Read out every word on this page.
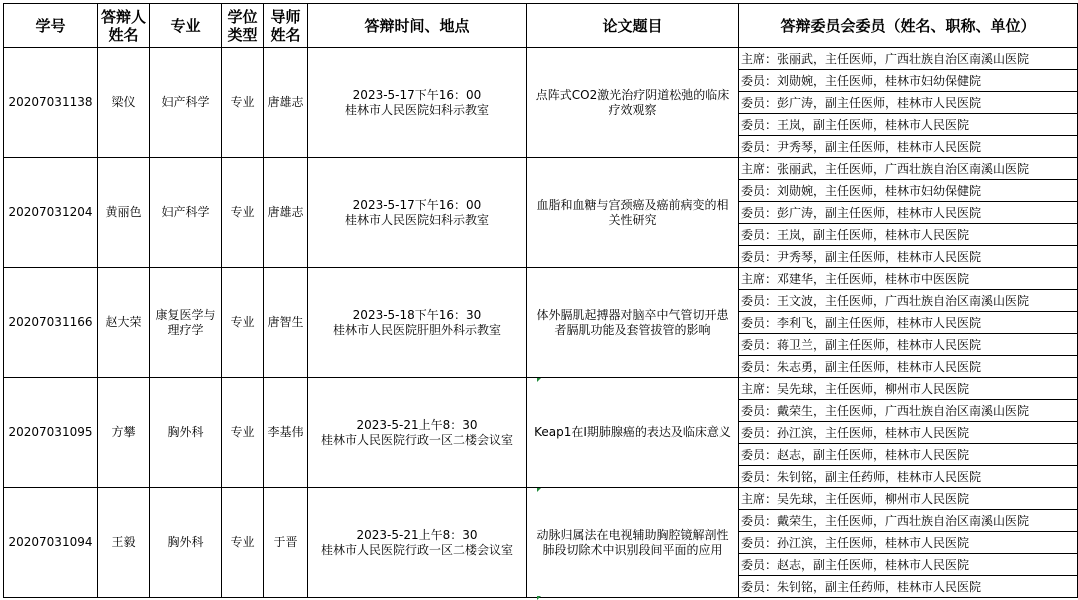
学号	答辩人姓名	专业	学位类型	导师姓名	答辩时间、地点	论文题目	答辩委员会委员（姓名、职称、单位）
20207031138	梁仪	妇产科学	专业	唐雄志	2023-5-17下午16：00
桂林市人民医院妇科示教室	点阵式CO2激光治疗阴道松弛的临床疗效观察	主席：张丽武，主任医师，广西壮族自治区南溪山医院
							委员：刘勋婉，主任医师，桂林市妇幼保健院
							委员：彭广涛，副主任医师，桂林市人民医院
							委员：王岚，副主任医师，桂林市人民医院
							委员：尹秀琴，副主任医师，桂林市人民医院
20207031204	黄丽色	妇产科学	专业	唐雄志	2023-5-17下午16：00
桂林市人民医院妇科示教室	血脂和血糖与宫颈癌及癌前病变的相关性研究	主席：张丽武，主任医师，广西壮族自治区南溪山医院
							委员：刘勋婉，主任医师，桂林市妇幼保健院
							委员：彭广涛，副主任医师，桂林市人民医院
							委员：王岚，副主任医师，桂林市人民医院
							委员：尹秀琴，副主任医师，桂林市人民医院
20207031166	赵大荣	康复医学与理疗学	专业	唐智生	2023-5-18下午16：30
桂林市人民医院肝胆外科示教室	体外膈肌起搏器对脑卒中气管切开患者膈肌功能及套管拔管的影响	主席：邓建华，主任医师，桂林市中医医院
							委员：王文波，主任医师，广西壮族自治区南溪山医院
							委员：李利飞，副主任医师，桂林市人民医院
							委员：蒋卫兰，副主任医师，桂林市人民医院
							委员：朱志勇，副主任医师，桂林市人民医院
20207031095	方攀	胸外科	专业	李基伟	2023-5-21上午8：30
桂林市人民医院行政一区二楼会议室	Keap1在I期肺腺癌的表达及临床意义	主席：吴先球，主任医师，柳州市人民医院
							委员：戴荣生，主任医师，广西壮族自治区南溪山医院
							委员：孙江滨，主任医师，桂林市人民医院
							委员：赵志，副主任医师，桂林市人民医院
							委员：朱钊铭，副主任药师，桂林市人民医院
20207031094	王毅	胸外科	专业	于晋	2023-5-21上午8：30
桂林市人民医院行政一区二楼会议室	动脉归属法在电视辅助胸腔镜解剖性肺段切除术中识别段间平面的应用	主席：吴先球，主任医师，柳州市人民医院
							委员：戴荣生，主任医师，广西壮族自治区南溪山医院
							委员：孙江滨，主任医师，桂林市人民医院
							委员：赵志，副主任医师，桂林市人民医院
							委员：朱钊铭，副主任药师，桂林市人民医院
